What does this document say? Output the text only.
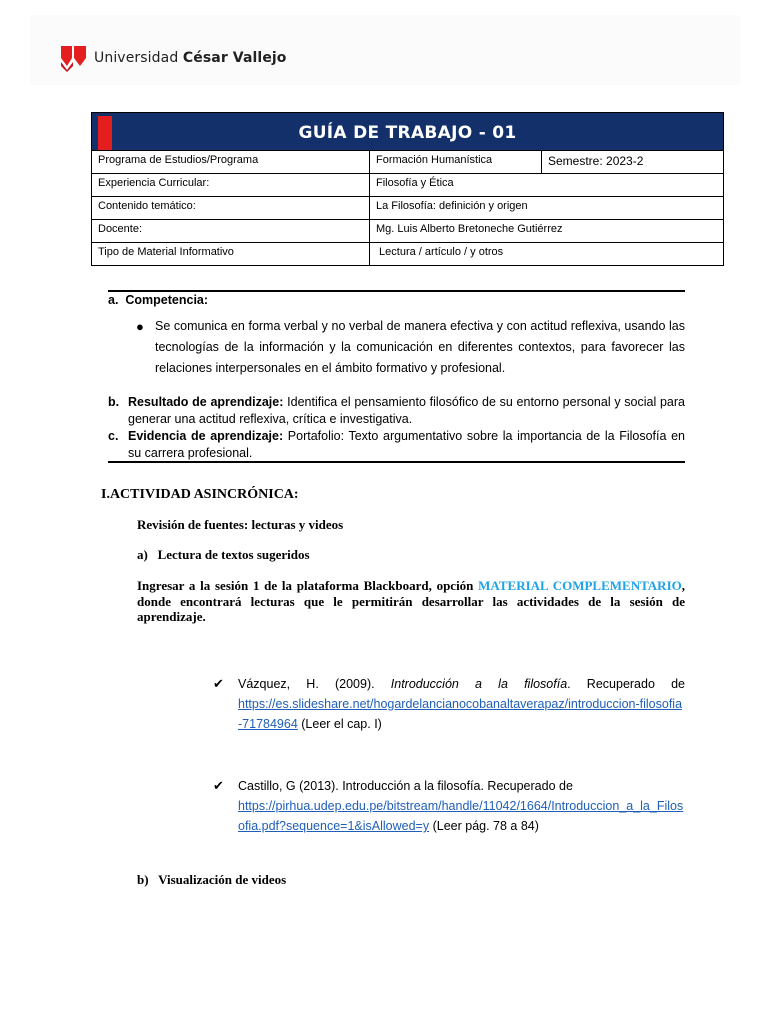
Universidad César Vallejo
GUÍA DE TRABAJO - 01		

Programa de Estudios/Programa	Formación Humanística	Semestre: 2023-2
Experiencia Curricular:	Filosofía y Ética	
Contenido temático:	La Filosofía: definición y origen	
Docente:	Mg. Luis Alberto Bretoneche Gutiérrez	
Tipo de Material Informativo	Lectura / artículo / y otros	
a. Competencia:
● Se comunica en forma verbal y no verbal de manera efectiva y con actitud reflexiva, usando las tecnologías de la información y la comunicación en diferentes contextos, para favorecer las relaciones interpersonales en el ámbito formativo y profesional.
b. Resultado de aprendizaje: Identifica el pensamiento filosófico de su entorno personal y social para generar una actitud reflexiva, crítica e investigativa.
c. Evidencia de aprendizaje: Portafolio: Texto argumentativo sobre la importancia de la Filosofía en su carrera profesional.
I.ACTIVIDAD ASINCRÓNICA:
Revisión de fuentes: lecturas y videos
a)   Lectura de textos sugeridos
Ingresar a la sesión 1 de la plataforma Blackboard, opción MATERIAL COMPLEMENTARIO, donde encontrará lecturas que le permitirán desarrollar las actividades de la sesión de aprendizaje.
✔ Vázquez, H. (2009). Introducción a la filosofía. Recuperado de
https://es.slideshare.net/hogardelancianocobanaltaverapaz/introduccion-filosofia-71784964 (Leer el cap. I)
✔ Castillo, G (2013). Introducción a la filosofía. Recuperado de
https://pirhua.udep.edu.pe/bitstream/handle/11042/1664/Introduccion_a_la_Filosofia.pdf?sequence=1&isAllowed=y (Leer pág. 78 a 84)
b)   Visualización de videos
